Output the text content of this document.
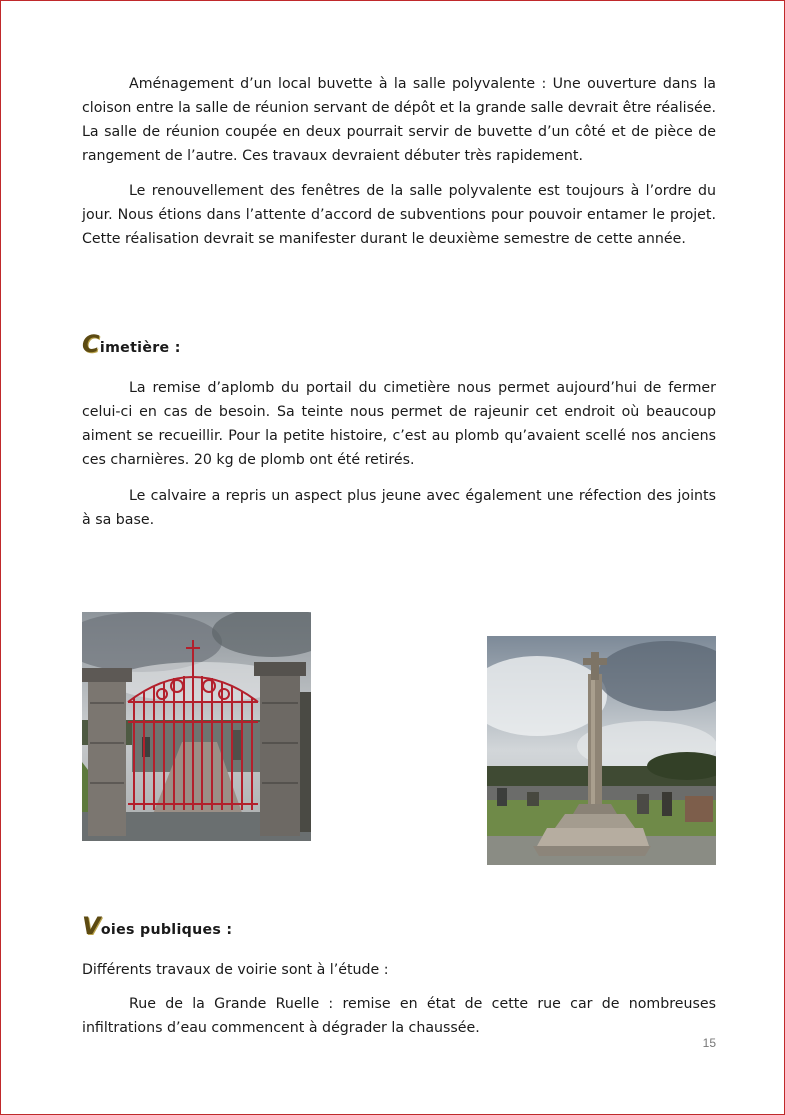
Aménagement d’un local buvette à la salle polyvalente : Une ouverture dans la cloison entre la salle de réunion servant de dépôt et la grande salle devrait être réalisée. La salle de réunion coupée en deux pourrait servir de buvette d’un côté et de pièce de rangement de l’autre. Ces travaux devraient débuter très rapidement.

Le renouvellement des fenêtres de la salle polyvalente est toujours à l’ordre du jour. Nous étions dans l’attente d’accord de subventions pour pouvoir entamer le projet. Cette réalisation devrait se manifester durant le deuxième semestre de cette année.

Cimetière :

La remise d’aplomb du portail du cimetière nous permet aujourd’hui de fermer celui-ci en cas de besoin. Sa teinte nous permet de rajeunir cet endroit où beaucoup aiment se recueillir. Pour la petite histoire, c’est au plomb qu’avaient scellé nos anciens ces charnières. 20 kg de plomb ont été retirés.

Le calvaire a repris un aspect plus jeune avec également une réfection des joints à sa base.

Voies publiques :

Différents travaux de voirie sont à l’étude :

Rue de la Grande Ruelle : remise en état de cette rue car de nombreuses infiltrations d’eau commencent à dégrader la chaussée.

15
